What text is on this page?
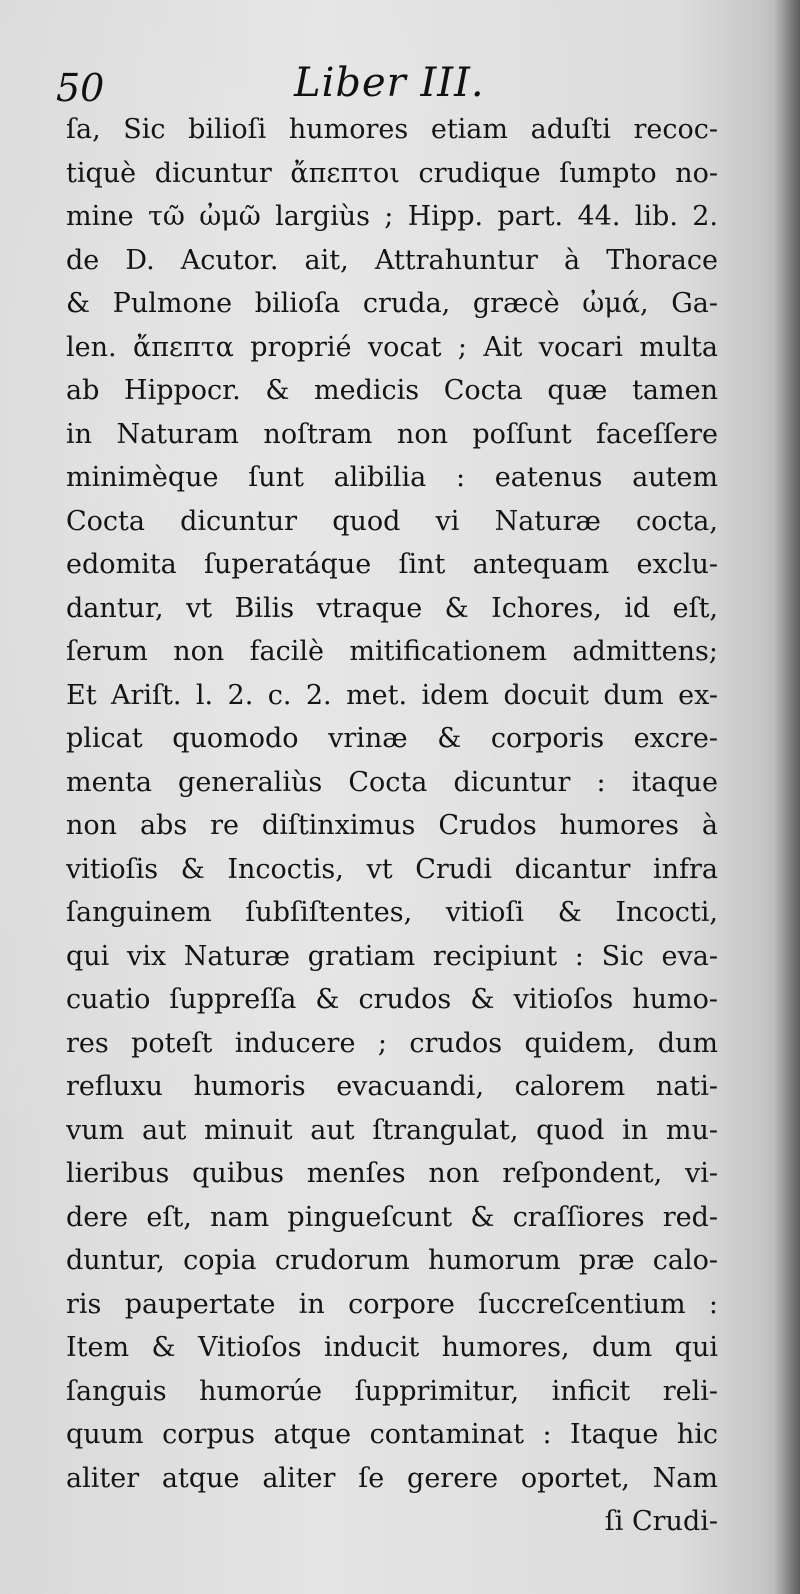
50	Liber III.
ſa, Sic bilioſi humores etiam aduſti recoc-
tiquè dicuntur ἄπεπτοι crudique ſumpto no-
mine τῶ ὠμῶ largiùs ; Hipp. part. 44. lib. 2.
de D. Acutor. ait, Attrahuntur à Thorace
& Pulmone bilioſa cruda, græcè ὠμά, Ga-
len. ἄπεπτα proprié vocat ; Ait vocari multa
ab Hippocr. & medicis Cocta quæ tamen
in Naturam noſtram non poſſunt faceſſere
minimèque ſunt alibilia : eatenus autem
Cocta dicuntur quod vi Naturæ cocta,
edomita ſuperatáque ſint antequam exclu-
dantur, vt Bilis vtraque & Ichores, id eſt,
ſerum non facilè mitificationem admittens;
Et Ariſt. l. 2. c. 2. met. idem docuit dum ex-
plicat quomodo vrinæ & corporis excre-
menta generaliùs Cocta dicuntur : itaque
non abs re diſtinximus Crudos humores à
vitioſis & Incoctis, vt Crudi dicantur infra
ſanguinem ſubſiſtentes, vitioſi & Incocti,
qui vix Naturæ gratiam recipiunt : Sic eva-
cuatio ſuppreſſa & crudos & vitioſos humo-
res poteſt inducere ; crudos quidem, dum
refluxu humoris evacuandi, calorem nati-
vum aut minuit aut ſtrangulat, quod in mu-
lieribus quibus menſes non reſpondent, vi-
dere eſt, nam pingueſcunt & craſſiores red-
duntur, copia crudorum humorum præ calo-
ris paupertate in corpore ſuccreſcentium :
Item & Vitioſos inducit humores, dum qui
ſanguis humorúe ſupprimitur, inficit reli-
quum corpus atque contaminat : Itaque hic
aliter atque aliter ſe gerere oportet, Nam
ſi Crudi-
